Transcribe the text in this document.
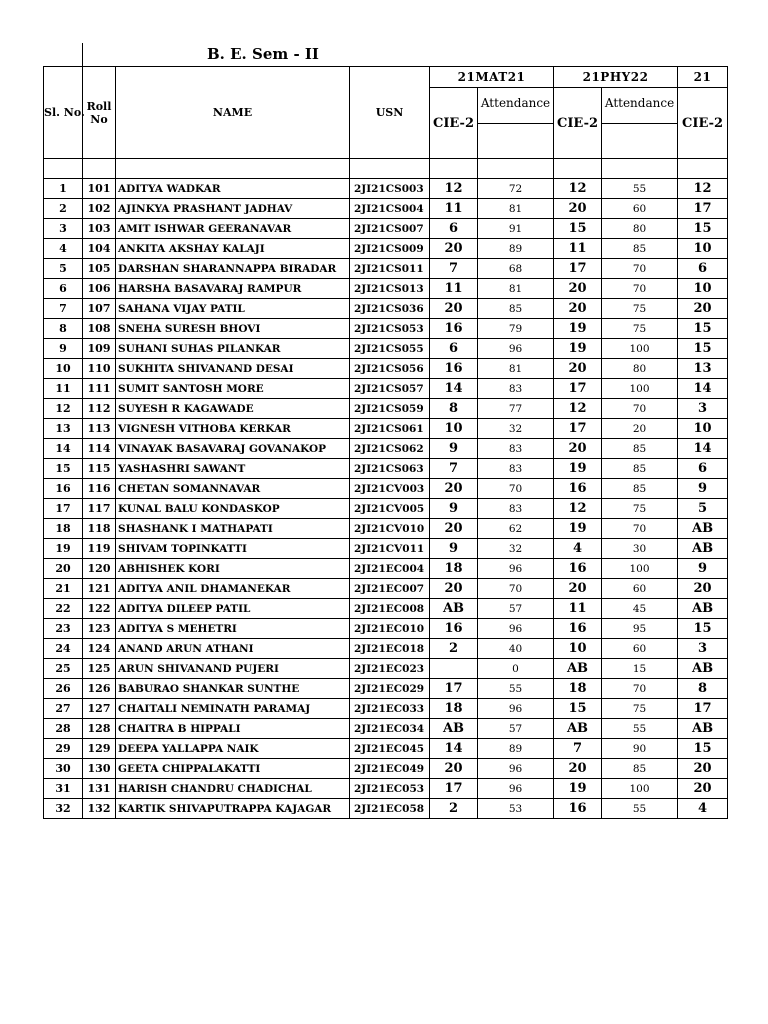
B. E. Sem - II
Sl. No.	Roll No	NAME	USN	21MAT21		21PHY22		21

				CIE-2	Attendance	CIE-2	Attendance	CIE-2

1	101	ADITYA WADKAR	2JI21CS003	12	72	12	55	12
2	102	AJINKYA PRASHANT JADHAV	2JI21CS004	11	81	20	60	17
3	103	AMIT ISHWAR GEERANAVAR	2JI21CS007	6	91	15	80	15
4	104	ANKITA AKSHAY KALAJI	2JI21CS009	20	89	11	85	10
5	105	DARSHAN SHARANNAPPA BIRADAR	2JI21CS011	7	68	17	70	6
6	106	HARSHA BASAVARAJ RAMPUR	2JI21CS013	11	81	20	70	10
7	107	SAHANA VIJAY PATIL	2JI21CS036	20	85	20	75	20
8	108	SNEHA SURESH BHOVI	2JI21CS053	16	79	19	75	15
9	109	SUHANI SUHAS PILANKAR	2JI21CS055	6	96	19	100	15
10	110	SUKHITA SHIVANAND DESAI	2JI21CS056	16	81	20	80	13
11	111	SUMIT SANTOSH MORE	2JI21CS057	14	83	17	100	14
12	112	SUYESH R KAGAWADE	2JI21CS059	8	77	12	70	3
13	113	VIGNESH VITHOBA KERKAR	2JI21CS061	10	32	17	20	10
14	114	VINAYAK BASAVARAJ GOVANAKOP	2JI21CS062	9	83	20	85	14
15	115	YASHASHRI SAWANT	2JI21CS063	7	83	19	85	6
16	116	CHETAN SOMANNAVAR	2JI21CV003	20	70	16	85	9
17	117	KUNAL BALU KONDASKOP	2JI21CV005	9	83	12	75	5
18	118	SHASHANK I MATHAPATI	2JI21CV010	20	62	19	70	AB
19	119	SHIVAM TOPINKATTI	2JI21CV011	9	32	4	30	AB
20	120	ABHISHEK KORI	2JI21EC004	18	96	16	100	9
21	121	ADITYA ANIL DHAMANEKAR	2JI21EC007	20	70	20	60	20
22	122	ADITYA DILEEP PATIL	2JI21EC008	AB	57	11	45	AB
23	123	ADITYA S MEHETRI	2JI21EC010	16	96	16	95	15
24	124	ANAND ARUN ATHANI	2JI21EC018	2	40	10	60	3
25	125	ARUN SHIVANAND PUJERI	2JI21EC023		0	AB	15	AB
26	126	BABURAO SHANKAR SUNTHE	2JI21EC029	17	55	18	70	8
27	127	CHAITALI NEMINATH PARAMAJ	2JI21EC033	18	96	15	75	17
28	128	CHAITRA B HIPPALI	2JI21EC034	AB	57	AB	55	AB
29	129	DEEPA YALLAPPA NAIK	2JI21EC045	14	89	7	90	15
30	130	GEETA CHIPPALAKATTI	2JI21EC049	20	96	20	85	20
31	131	HARISH CHANDRU CHADICHAL	2JI21EC053	17	96	19	100	20
32	132	KARTIK SHIVAPUTRAPPA KAJAGAR	2JI21EC058	2	53	16	55	4
